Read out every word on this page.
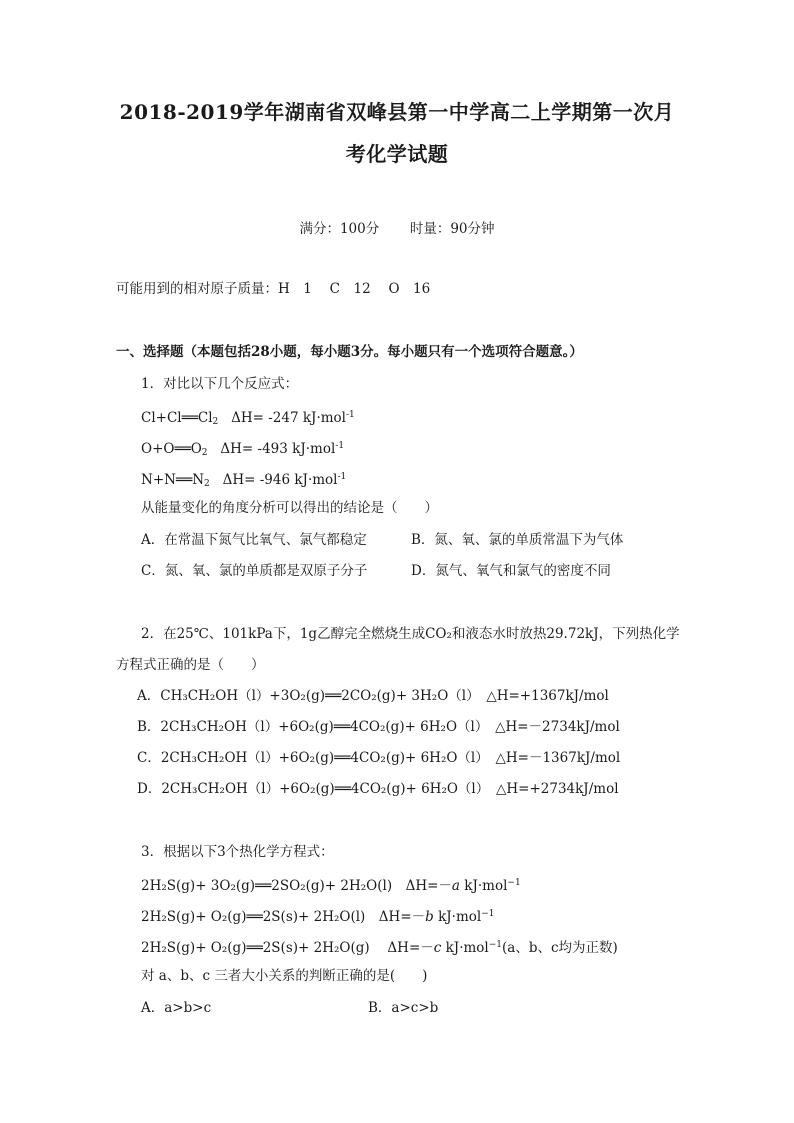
2018-2019学年湖南省双峰县第一中学高二上学期第一次月
考化学试题
满分：100分 时量：90分钟
可能用到的相对原子质量：H　1　 C　12　 O　16
一、选择题（本题包括28小题，每小题3分。每小题只有一个选项符合题意。）
1．对比以下几个反应式：
$Cl+Cl══Cl_2$ ΔH= -247 kJ·mol$^{-1}$
$O+O══O_2$ ΔH= -493 kJ·mol$^{-1}$
$N+N══N_2$ ΔH= -946 kJ·mol$^{-1}$
从能量变化的角度分析可以得出的结论是（　　）
A．在常温下氮气比氧气、氯气都稳定	B．氮、氧、氯的单质常温下为气体
C．氮、氧、氯的单质都是双原子分子	D．氮气、氧气和氯气的密度不同
2．在25℃、101kPa下，1g乙醇完全燃烧生成CO₂和液态水时放热29.72kJ，下列热化学
方程式正确的是（　　）
A．CH₃CH₂OH（l）+3O₂(g)══2CO₂(g)+ 3H₂O（l）　△H=+1367kJ/mol
B．2CH₃CH₂OH（l）+6O₂(g)══4CO₂(g)+ 6H₂O（l）　△H=－2734kJ/mol
C．2CH₃CH₂OH（l）+6O₂(g)══4CO₂(g)+ 6H₂O（l）　△H=－1367kJ/mol
D．2CH₃CH₂OH（l）+6O₂(g)══4CO₂(g)+ 6H₂O（l）　△H=+2734kJ/mol
3．根据以下3个热化学方程式：
2H₂S(g)+ 3O₂(g)══2SO₂(g)+ 2H₂O(l)　ΔH=－a kJ·mol$^{-1}$
2H₂S(g)+ O₂(g)══2S(s)+ 2H₂O(l)　ΔH=－b kJ·mol$^{-1}$
2H₂S(g)+ O₂(g)══2S(s)+ 2H₂O(g)　 ΔH=－c kJ·mol$^{-1}$(a、b、c均为正数)
对 a、b、c 三者大小关系的判断正确的是(　　)
A．a>b>c	B．a>c>b
